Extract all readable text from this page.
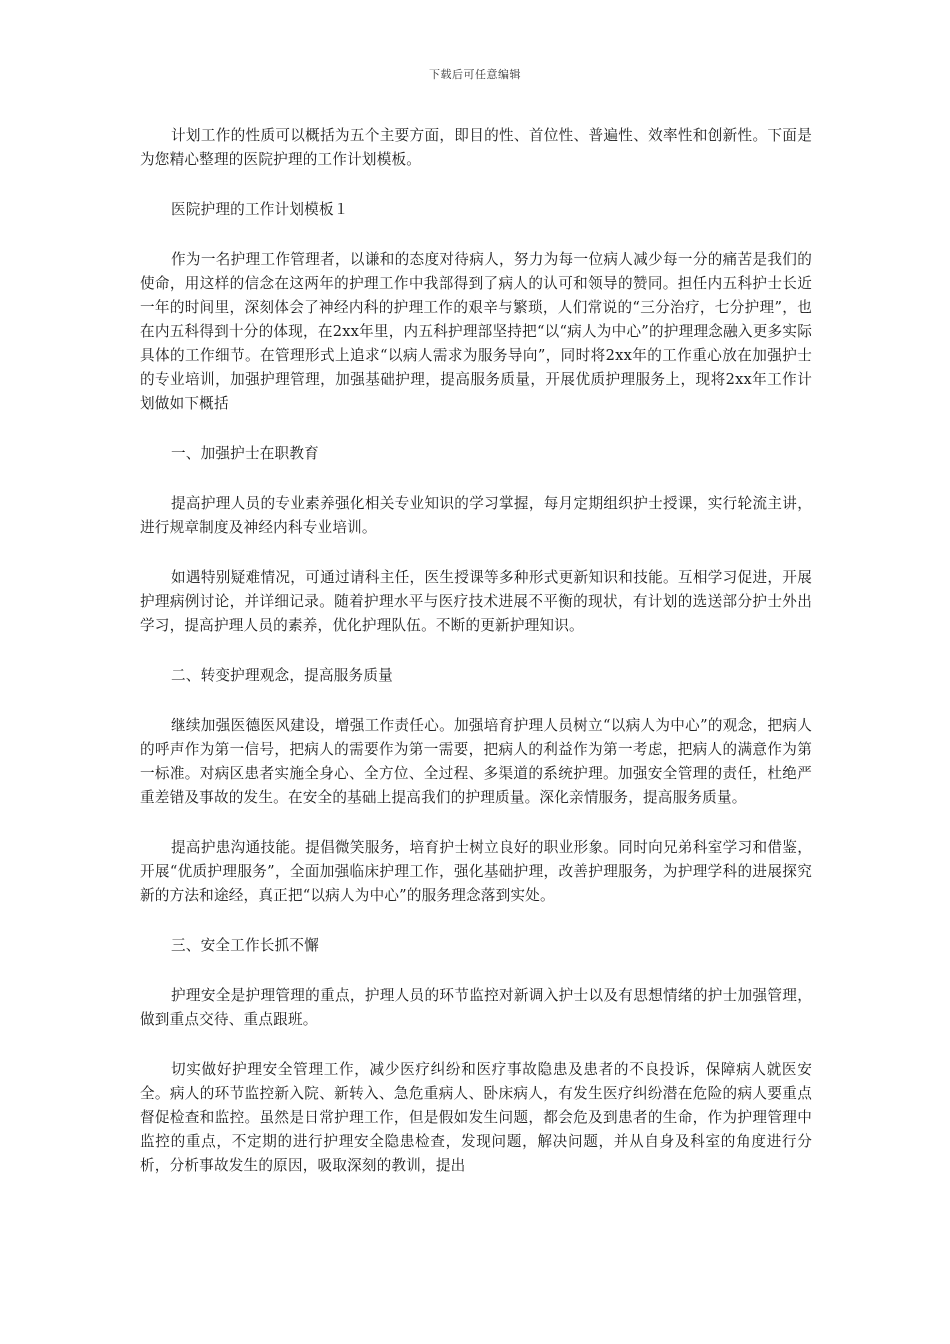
下载后可任意编辑

计划工作的性质可以概括为五个主要方面，即目的性、首位性、普遍性、效率性和创新性。下面是为您精心整理的医院护理的工作计划模板。

医院护理的工作计划模板１

作为一名护理工作管理者，以谦和的态度对待病人，努力为每一位病人减少每一分的痛苦是我们的使命，用这样的信念在这两年的护理工作中我部得到了病人的认可和领导的赞同。担任内五科护士长近一年的时间里，深刻体会了神经内科的护理工作的艰辛与繁琐，人们常说的“三分治疗，七分护理”，也在内五科得到十分的体现，在2xx年里，内五科护理部坚持把“以“病人为中心”的护理理念融入更多实际具体的工作细节。在管理形式上追求“以病人需求为服务导向”，同时将2xx年的工作重心放在加强护士的专业培训，加强护理管理，加强基础护理，提高服务质量，开展优质护理服务上，现将2xx年工作计划做如下概括

一、加强护士在职教育

提高护理人员的专业素养强化相关专业知识的学习掌握，每月定期组织护士授课，实行轮流主讲，进行规章制度及神经内科专业培训。

如遇特别疑难情况，可通过请科主任，医生授课等多种形式更新知识和技能。互相学习促进，开展护理病例讨论，并详细记录。随着护理水平与医疗技术进展不平衡的现状，有计划的选送部分护士外出学习，提高护理人员的素养，优化护理队伍。不断的更新护理知识。

二、转变护理观念，提高服务质量

继续加强医德医风建设，增强工作责任心。加强培育护理人员树立“以病人为中心”的观念，把病人的呼声作为第一信号，把病人的需要作为第一需要，把病人的利益作为第一考虑，把病人的满意作为第一标准。对病区患者实施全身心、全方位、全过程、多渠道的系统护理。加强安全管理的责任，杜绝严重差错及事故的发生。在安全的基础上提高我们的护理质量。深化亲情服务，提高服务质量。

提高护患沟通技能。提倡微笑服务，培育护士树立良好的职业形象。同时向兄弟科室学习和借鉴，开展“优质护理服务”，全面加强临床护理工作，强化基础护理，改善护理服务，为护理学科的进展探究新的方法和途经，真正把“以病人为中心”的服务理念落到实处。

三、安全工作长抓不懈

护理安全是护理管理的重点，护理人员的环节监控对新调入护士以及有思想情绪的护士加强管理，做到重点交待、重点跟班。

切实做好护理安全管理工作，减少医疗纠纷和医疗事故隐患及患者的不良投诉，保障病人就医安全。病人的环节监控新入院、新转入、急危重病人、卧床病人，有发生医疗纠纷潜在危险的病人要重点督促检查和监控。虽然是日常护理工作，但是假如发生问题，都会危及到患者的生命，作为护理管理中监控的重点，不定期的进行护理安全隐患检查，发现问题，解决问题，并从自身及科室的角度进行分析，分析事故发生的原因，吸取深刻的教训，提出
